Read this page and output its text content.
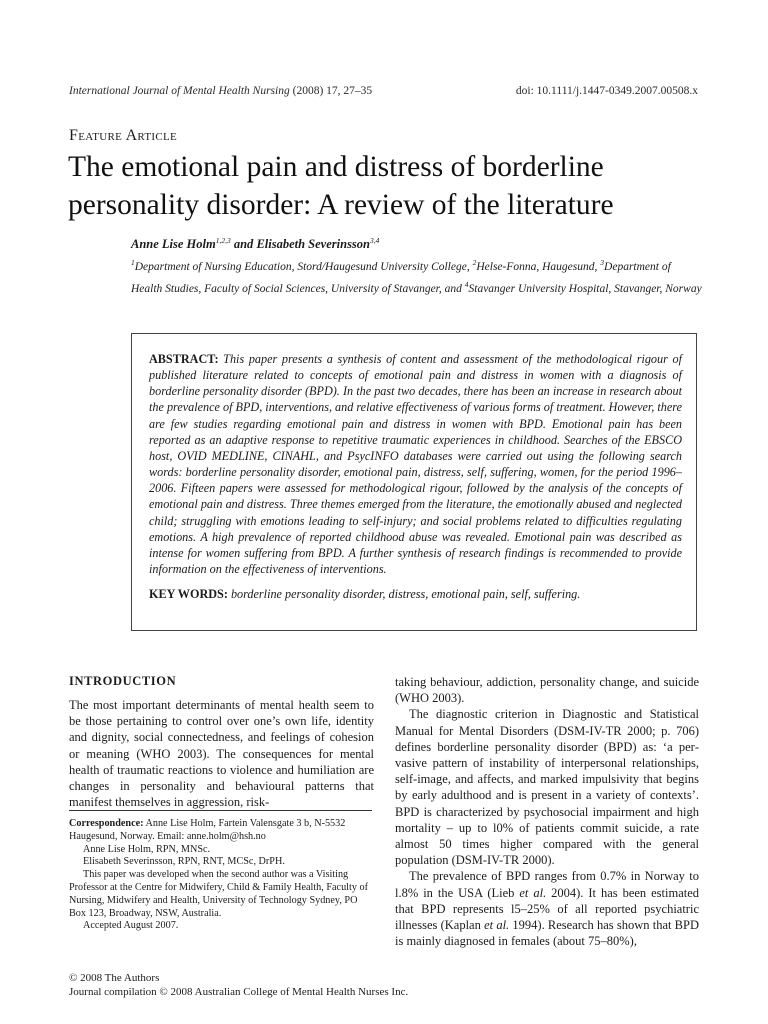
International Journal of Mental Health Nursing (2008) 17, 27–35	doi: 10.1111/j.1447-0349.2007.00508.x
Feature Article
The emotional pain and distress of borderline personality disorder: A review of the literature
Anne Lise Holm$^{1,2,3}$ and Elisabeth Severinsson$^{3,4}$
$^1$Department of Nursing Education, Stord/Haugesund University College, $^2$Helse-Fonna, Haugesund, $^3$Department of Health Studies, Faculty of Social Sciences, University of Stavanger, and $^4$Stavanger University Hospital, Stavanger, Norway
ABSTRACT: This paper presents a synthesis of content and assessment of the methodological rigour of published literature related to concepts of emotional pain and distress in women with a diagnosis of borderline personality disorder (BPD). In the past two decades, there has been an increase in research about the prevalence of BPD, interventions, and relative effectiveness of various forms of treatment. However, there are few studies regarding emotional pain and distress in women with BPD. Emotional pain has been reported as an adaptive response to repetitive traumatic experiences in childhood. Searches of the EBSCO host, OVID MEDLINE, CINAHL, and PsycINFO databases were carried out using the following search words: borderline personality disorder, emotional pain, distress, self, suffering, women, for the period 1996–2006. Fifteen papers were assessed for methodological rigour, followed by the analysis of the concepts of emotional pain and distress. Three themes emerged from the literature, the emotionally abused and neglected child; struggling with emotions leading to self-injury; and social problems related to difficulties regulating emotions. A high prevalence of reported childhood abuse was revealed. Emotional pain was described as intense for women suffering from BPD. A further synthesis of research findings is recommended to provide information on the effectiveness of interventions.
KEY WORDS: borderline personality disorder, distress, emotional pain, self, suffering.
INTRODUCTION

The most important determinants of mental health seem to be those pertaining to control over one’s own life, identity and dignity, social connectedness, and feelings of cohesion or meaning (WHO 2003). The consequences for mental health of traumatic reactions to violence and humiliation are changes in personality and behavioural patterns that manifest themselves in aggression, risk-

Correspondence: Anne Lise Holm, Fartein Valensgate 3 b, N-5532 Haugesund, Norway. Email: anne.holm@hsh.no
Anne Lise Holm, RPN, MNSc.
Elisabeth Severinsson, RPN, RNT, MCSc, DrPH.
This paper was developed when the second author was a Visiting Professor at the Centre for Midwifery, Child & Family Health, Faculty of Nursing, Midwifery and Health, University of Technology Sydney, PO Box 123, Broadway, NSW, Australia.
Accepted August 2007.

taking behaviour, addiction, personality change, and suicide (WHO 2003).

The diagnostic criterion in Diagnostic and Statistical Manual for Mental Disorders (DSM-IV-TR 2000; p. 706) defines borderline personality disorder (BPD) as: ‘a pervasive pattern of instability of interpersonal relationships, self-image, and affects, and marked impulsivity that begins by early adulthood and is present in a variety of contexts’. BPD is characterized by psychosocial impairment and high mortality – up to l0% of patients commit suicide, a rate almost 50 times higher compared with the general population (DSM-IV-TR 2000).

The prevalence of BPD ranges from 0.7% in Norway to l.8% in the USA (Lieb et al. 2004). It has been estimated that BPD represents l5–25% of all reported psychiatric illnesses (Kaplan et al. 1994). Research has shown that BPD is mainly diagnosed in females (about 75–80%),

© 2008 The Authors
Journal compilation © 2008 Australian College of Mental Health Nurses Inc.
